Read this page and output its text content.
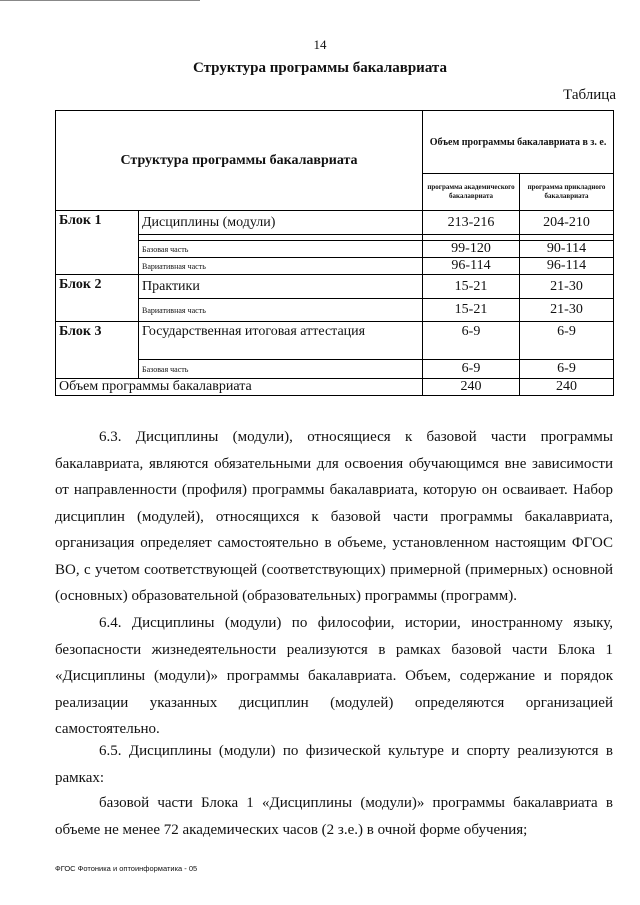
14
Структура программы бакалавриата
Таблица
Структура программы бакалавриата		Объем программы бакалавриата в з. е.	
		программа академического бакалавриата	программа прикладного бакалавриата
Блок 1	Дисциплины (модули)	213-216	204-210

	Базовая часть	99-120	90-114
	Вариативная часть	96-114	96-114
Блок 2	Практики	15-21	21-30
	Вариативная часть	15-21	21-30
Блок 3	Государственная итоговая аттестация	6-9	6-9
	Базовая часть	6-9	6-9
Объем программы бакалавриата		240	240

6.3. Дисциплины (модули), относящиеся к базовой части программы бакалавриата, являются обязательными для освоения обучающимся вне зависимости от направленности (профиля) программы бакалавриата, которую он осваивает. Набор дисциплин (модулей), относящихся к базовой части программы бакалавриата, организация определяет самостоятельно в объеме, установленном настоящим ФГОС ВО, с учетом соответствующей (соответствующих) примерной (примерных) основной (основных) образовательной (образовательных) программы (программ).

6.4. Дисциплины (модули) по философии, истории, иностранному языку, безопасности жизнедеятельности реализуются в рамках базовой части Блока 1 «Дисциплины (модули)» программы бакалавриата. Объем, содержание и порядок реализации указанных дисциплин (модулей) определяются организацией самостоятельно.

6.5. Дисциплины (модули) по физической культуре и спорту реализуются в рамках:

базовой части Блока 1 «Дисциплины (модули)» программы бакалавриата в объеме не менее 72 академических часов (2 з.е.) в очной форме обучения;

ФГОС Фотоника и оптоинформатика - 05
